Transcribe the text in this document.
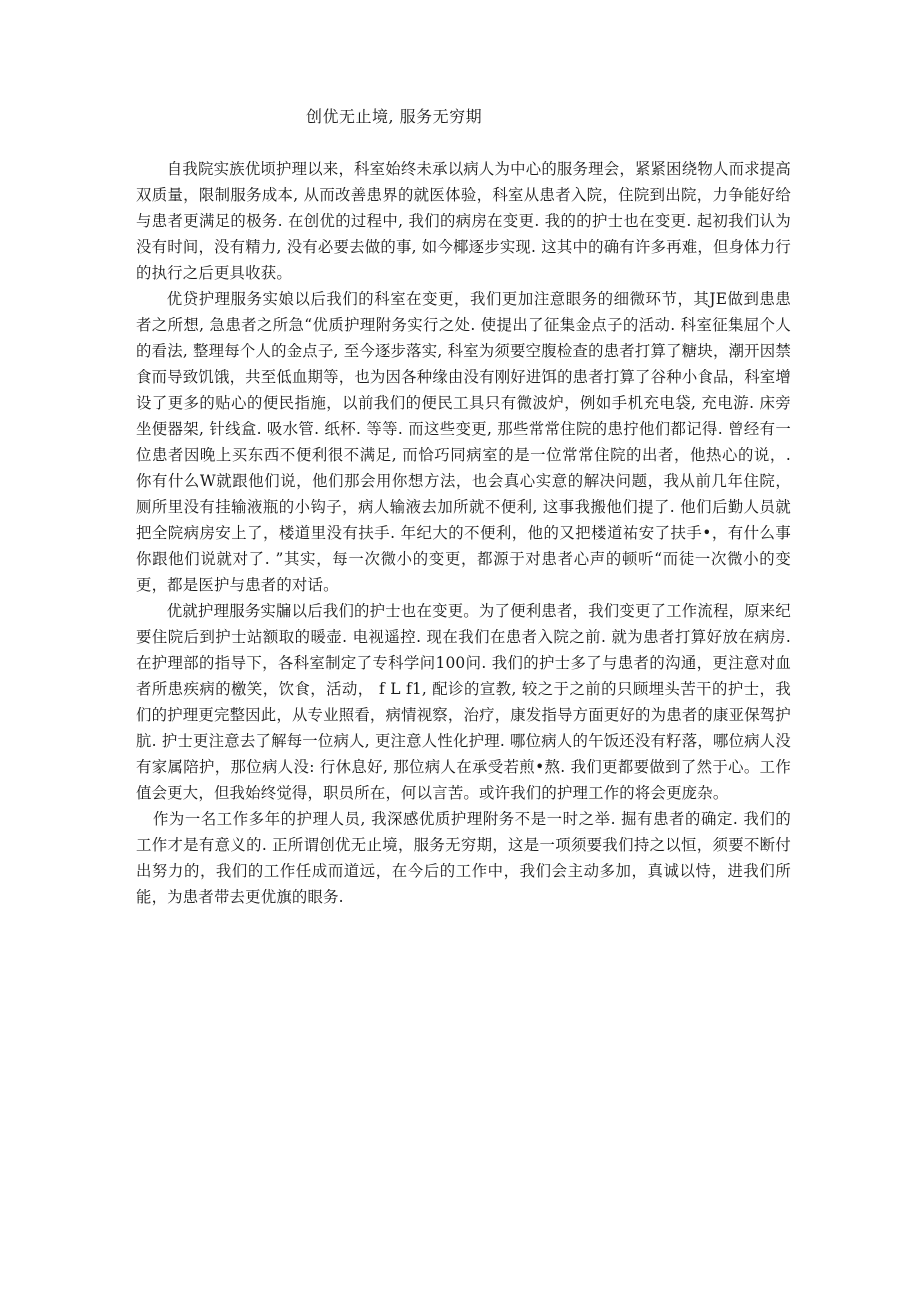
创优无止境, 服务无穷期

自我院实族优顷护理以来，科室始终未承以病人为中心的服务理会，紧紧困绕物人而求提高双质量，限制服务成本, 从而改善患界的就医体验，科室从患者入院，住院到出院，力争能好给与患者更满足的极务. 在创优的过程中, 我们的病房在变更. 我的的护士也在变更. 起初我们认为没有时间，没有精力, 没有必要去做的事, 如今椰逐步实现. 这其中的确有许多再难，但身体力行的执行之后更具收获。

优贷护理服务实娘以后我们的科室在变更，我们更加注意眼务的细微环节，其JE做到患患者之所想, 急患者之所急“优质护理附务实行之处. 使提出了征集金点子的活动. 科室征集屈个人的看法, 整理每个人的金点子, 至今逐步落实, 科室为须要空腹检查的患者打算了糖块，潮开因禁食而导致饥饿，共至低血期等，也为因各种缘由没有刚好进饵的患者打算了谷种小食品，科室增设了更多的贴心的便民指施，以前我们的便民工具只有微波炉，例如手机充电袋, 充电游. 床旁坐便器架, 针线盒. 吸水管. 纸杯. 等等. 而这些变更, 那些常常住院的患拧他们都记得. 曾经有一位患者因晚上买东西不便利很不满足, 而恰巧同病室的是一位常常住院的出者，他热心的说，. 你有什么W就跟他们说，他们那会用你想方法，也会真心实意的解决问题，我从前几年住院，厕所里没有挂输液瓶的小钩子，病人输液去加所就不便利, 这事我搬他们提了. 他们后勤人员就把全院病房安上了，楼道里没有扶手. 年纪大的不便利，他的又把楼道祐安了扶手•，有什么事你跟他们说就对了. ”其实，每一次微小的变更，都源于对患者心声的顿听“而徒一次微小的变更，都是医护与患者的对话。

优就护理服务实牖以后我们的护士也在变更。为了便利患者，我们变更了工作流程，原来纪要住院后到护士站额取的暖壶. 电视遥控. 现在我们在患者入院之前. 就为患者打算好放在病房. 在护理部的指导下，各科室制定了专科学问100问. 我们的护士多了与患者的沟通，更注意对血者所患疾病的檄笑，饮食，活动， f L f1, 配诊的宣教, 较之于之前的只顾埋头苦干的护士，我们的护理更完整因此，从专业照看，病情视察，治疗，康发指导方面更好的为患者的康亚保驾护肮. 护士更注意去了解每一位病人, 更注意人性化护理. 哪位病人的午饭还没有籽落，哪位病人没有家属陪护，那位病人没: 行休息好, 那位病人在承受若煎•熬. 我们更都要做到了然于心。工作值会更大，但我始终觉得，职员所在，何以言苦。或许我们的护理工作的将会更庞杂。

作为一名工作多年的护理人员, 我深感优质护理附务不是一时之举. 掘有患者的确定. 我们的工作才是有意义的. 正所谓创优无止境，服务无穷期，这是一项须要我们持之以恒，须要不断付出努力的，我们的工作任成而道远，在今后的工作中，我们会主动多加，真诚以恃，进我们所能，为患者带去更优旗的眼务.
